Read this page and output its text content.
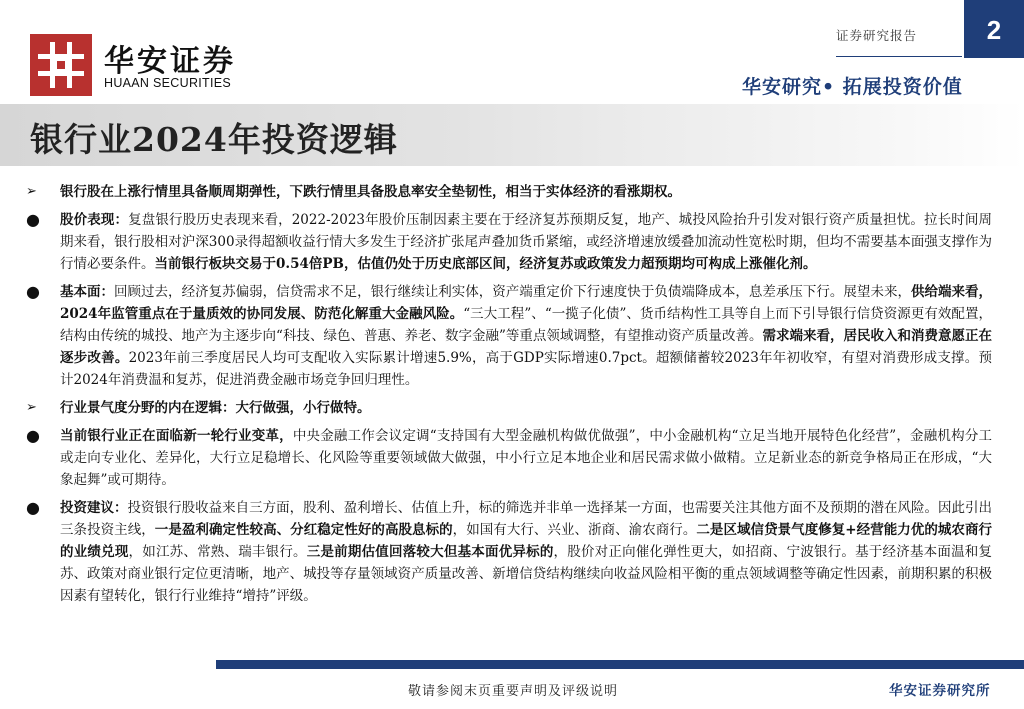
华安证券
HUAAN SECURITIES
证券研究报告	2
华安研究• 拓展投资价值
银行业2024年投资逻辑
➢	银行股在上涨行情里具备顺周期弹性，下跌行情里具备股息率安全垫韧性，相当于实体经济的看涨期权。
●	股价表现：复盘银行股历史表现来看，2022-2023年股价压制因素主要在于经济复苏预期反复，地产、城投风险抬升引发对银行资产质量担忧。拉长时间周期来看，银行股相对沪深300录得超额收益行情大多发生于经济扩张尾声叠加货币紧缩，或经济增速放缓叠加流动性宽松时期，但均不需要基本面强支撑作为行情必要条件。当前银行板块交易于0.54倍PB，估值仍处于历史底部区间，经济复苏或政策发力超预期均可构成上涨催化剂。
●	基本面：回顾过去，经济复苏偏弱，信贷需求不足，银行继续让利实体，资产端重定价下行速度快于负债端降成本，息差承压下行。展望未来，供给端来看，2024年监管重点在于量质效的协同发展、防范化解重大金融风险。“三大工程”、“一揽子化债”、货币结构性工具等自上而下引导银行信贷资源更有效配置，结构由传统的城投、地产为主逐步向“科技、绿色、普惠、养老、数字金融”等重点领域调整，有望推动资产质量改善。需求端来看，居民收入和消费意愿正在逐步改善。2023年前三季度居民人均可支配收入实际累计增速5.9%，高于GDP实际增速0.7pct。超额储蓄较2023年年初收窄，有望对消费形成支撑。预计2024年消费温和复苏，促进消费金融市场竞争回归理性。
➢	行业景气度分野的内在逻辑：大行做强，小行做特。
●	当前银行业正在面临新一轮行业变革，中央金融工作会议定调“支持国有大型金融机构做优做强”，中小金融机构“立足当地开展特色化经营”，金融机构分工或走向专业化、差异化，大行立足稳增长、化风险等重要领域做大做强，中小行立足本地企业和居民需求做小做精。立足新业态的新竞争格局正在形成，“大象起舞”或可期待。
●	投资建议：投资银行股收益来自三方面，股利、盈利增长、估值上升，标的筛选并非单一选择某一方面，也需要关注其他方面不及预期的潜在风险。因此引出三条投资主线，一是盈利确定性较高、分红稳定性好的高股息标的，如国有大行、兴业、浙商、渝农商行。二是区域信贷景气度修复+经营能力优的城农商行的业绩兑现，如江苏、常熟、瑞丰银行。三是前期估值回落较大但基本面优异标的，股价对正向催化弹性更大，如招商、宁波银行。基于经济基本面温和复苏、政策对商业银行定位更清晰，地产、城投等存量领域资产质量改善、新增信贷结构继续向收益风险相平衡的重点领域调整等确定性因素，前期积累的积极因素有望转化，银行行业维持“增持”评级。
敬请参阅末页重要声明及评级说明	华安证券研究所
